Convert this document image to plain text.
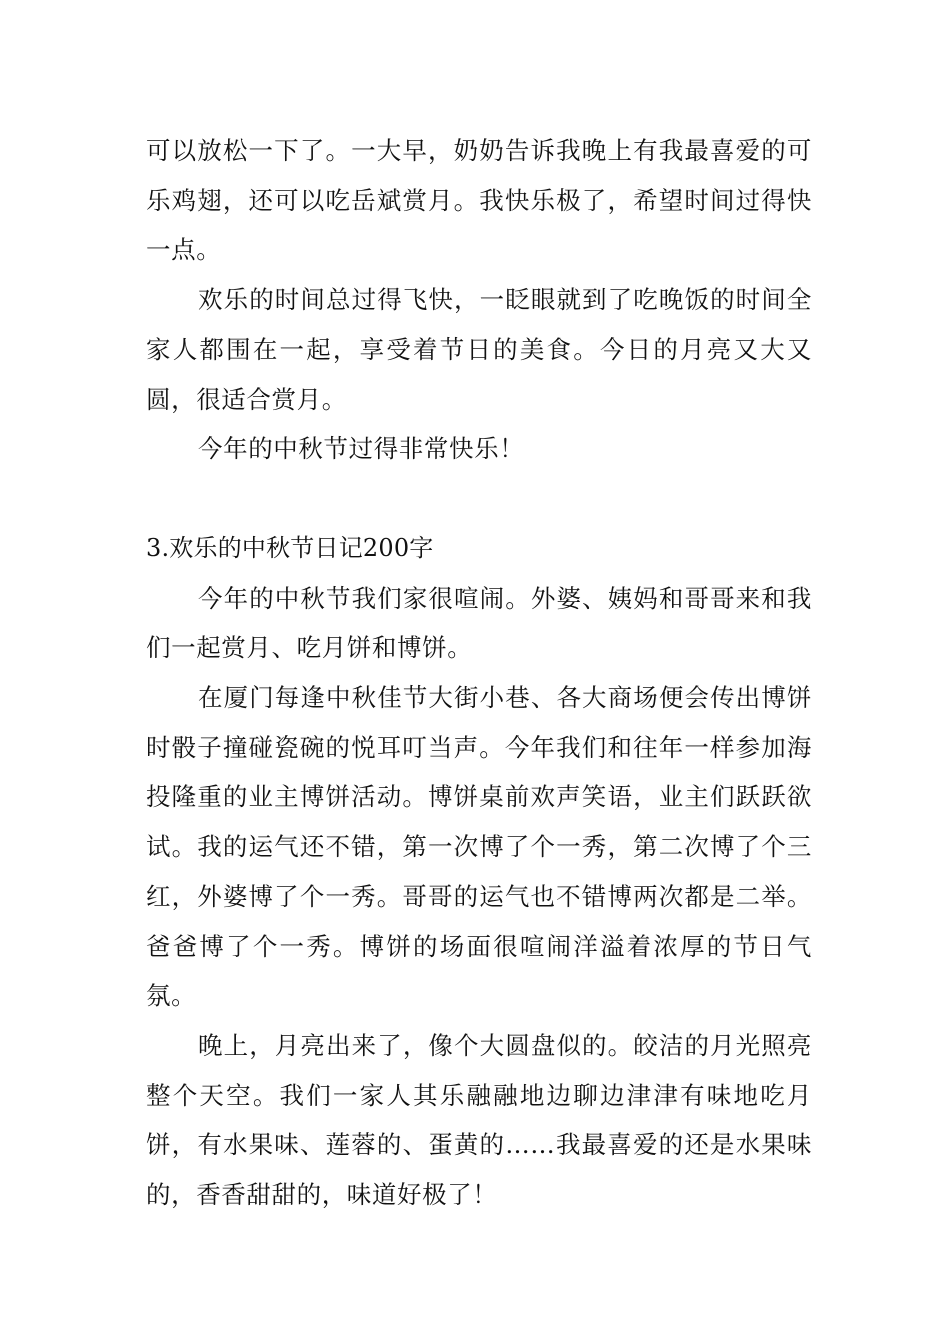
可以放松一下了。一大早，奶奶告诉我晚上有我最喜爱的可乐鸡翅，还可以吃岳斌赏月。我快乐极了，希望时间过得快一点。

欢乐的时间总过得飞快，一眨眼就到了吃晚饭的时间全家人都围在一起，享受着节日的美食。今日的月亮又大又圆，很适合赏月。

今年的中秋节过得非常快乐！

3.欢乐的中秋节日记200字

今年的中秋节我们家很喧闹。外婆、姨妈和哥哥来和我们一起赏月、吃月饼和博饼。

在厦门每逢中秋佳节大街小巷、各大商场便会传出博饼时骰子撞碰瓷碗的悦耳叮当声。今年我们和往年一样参加海投隆重的业主博饼活动。博饼桌前欢声笑语，业主们跃跃欲试。我的运气还不错，第一次博了个一秀，第二次博了个三红，外婆博了个一秀。哥哥的运气也不错博两次都是二举。爸爸博了个一秀。博饼的场面很喧闹洋溢着浓厚的节日气氛。

晚上，月亮出来了，像个大圆盘似的。皎洁的月光照亮整个天空。我们一家人其乐融融地边聊边津津有味地吃月饼，有水果味、莲蓉的、蛋黄的……我最喜爱的还是水果味的，香香甜甜的，味道好极了！
